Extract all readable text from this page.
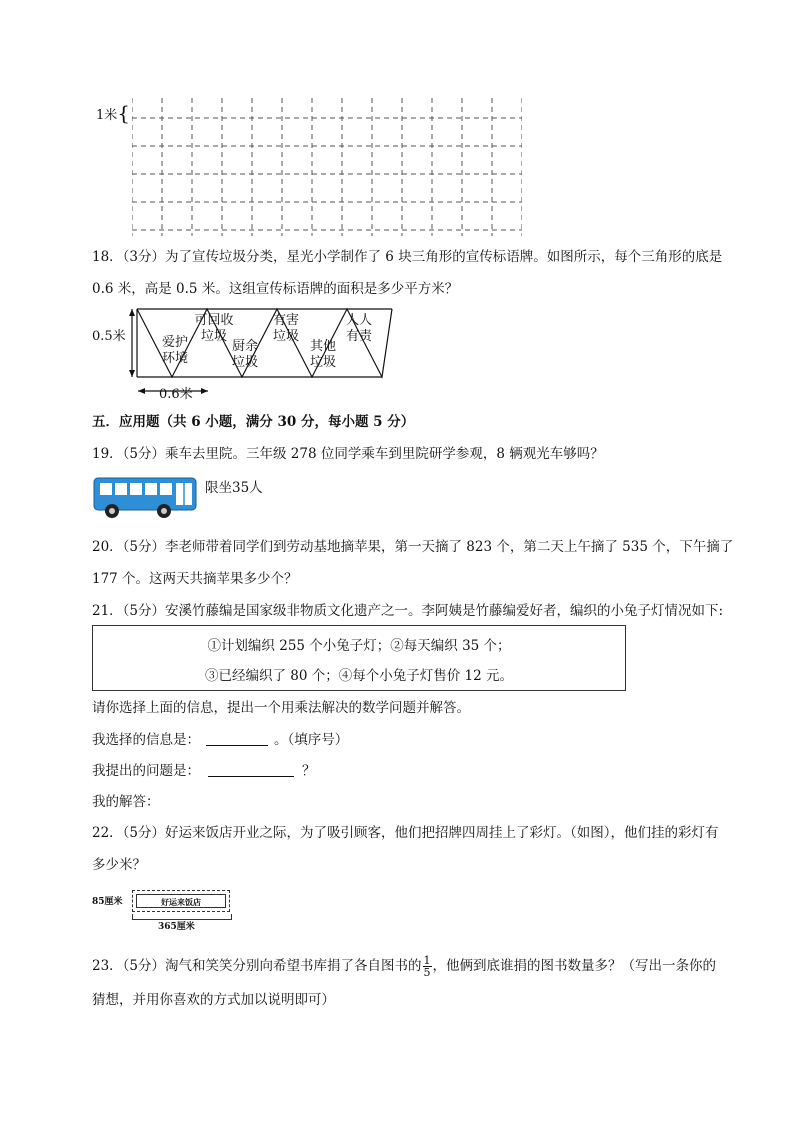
1米{
18．（3分）为了宣传垃圾分类，星光小学制作了 6 块三角形的宣传标语牌。如图所示，每个三角形的底是
0.6 米，高是 0.5 米。这组宣传标语牌的面积是多少平方米？
0.5米
0.6米
爱护
环境
可回收
垃圾
厨余
垃圾
有害
垃圾
其他
垃圾
人人
有责
五．应用题（共 6 小题，满分 30 分，每小题 5 分）
19．（5分）乘车去里院。三年级 278 位同学乘车到里院研学参观，8 辆观光车够吗？
限坐35人
20．（5分）李老师带着同学们到劳动基地摘苹果，第一天摘了 823 个，第二天上午摘了 535 个，下午摘了
177 个。这两天共摘苹果多少个？
21．（5分）安溪竹藤编是国家级非物质文化遗产之一。李阿姨是竹藤编爱好者，编织的小兔子灯情况如下:
①计划编织 255 个小兔子灯；②每天编织 35 个；
③已经编织了 80 个；④每个小兔子灯售价 12 元。
请你选择上面的信息，提出一个用乘法解决的数学问题并解答。
我选择的信息是：	。（填序号）
我提出的问题是：	？
我的解答：
22．（5分）好运来饭店开业之际，为了吸引顾客，他们把招牌四周挂上了彩灯。（如图），他们挂的彩灯有
多少米？
85厘米	好运来饭店
365厘米
23．（5分）淘气和笑笑分别向希望书库捐了各自图书的 $\frac{1}{5}$ ，他俩到底谁捐的图书数量多？（写出一条你的
猜想，并用你喜欢的方式加以说明即可）
